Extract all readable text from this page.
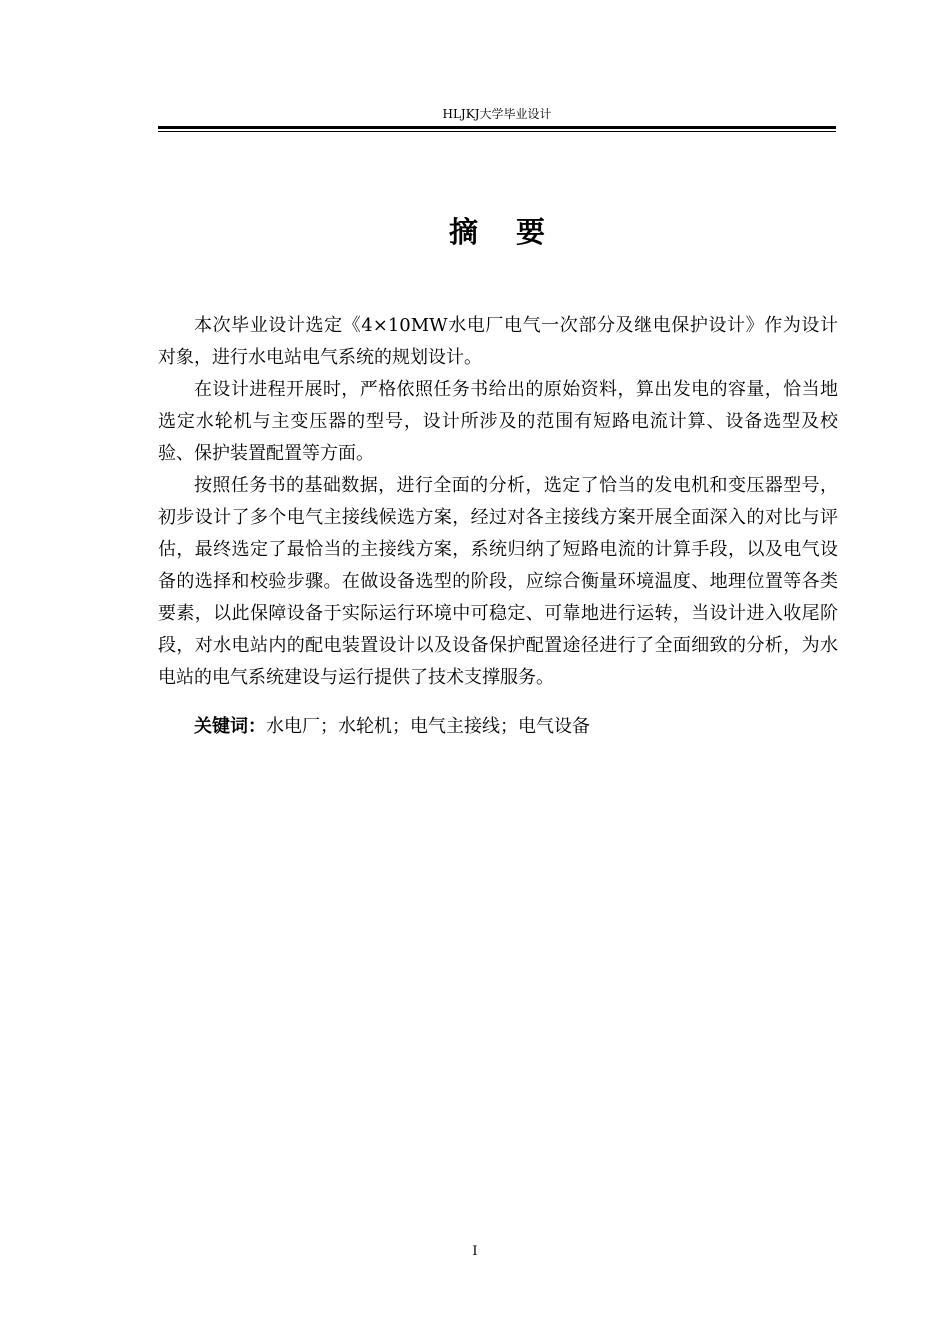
HLJKJ大学毕业设计
摘 要

本次毕业设计选定《4×10MW水电厂电气一次部分及继电保护设计》作为设计对象，进行水电站电气系统的规划设计。

在设计进程开展时，严格依照任务书给出的原始资料，算出发电的容量，恰当地选定水轮机与主变压器的型号，设计所涉及的范围有短路电流计算、设备选型及校验、保护装置配置等方面。

按照任务书的基础数据，进行全面的分析，选定了恰当的发电机和变压器型号，初步设计了多个电气主接线候选方案，经过对各主接线方案开展全面深入的对比与评估，最终选定了最恰当的主接线方案，系统归纳了短路电流的计算手段，以及电气设备的选择和校验步骤。在做设备选型的阶段，应综合衡量环境温度、地理位置等各类要素，以此保障设备于实际运行环境中可稳定、可靠地进行运转，当设计进入收尾阶段，对水电站内的配电装置设计以及设备保护配置途径进行了全面细致的分析，为水电站的电气系统建设与运行提供了技术支撑服务。

关键词：水电厂；水轮机；电气主接线；电气设备
I
